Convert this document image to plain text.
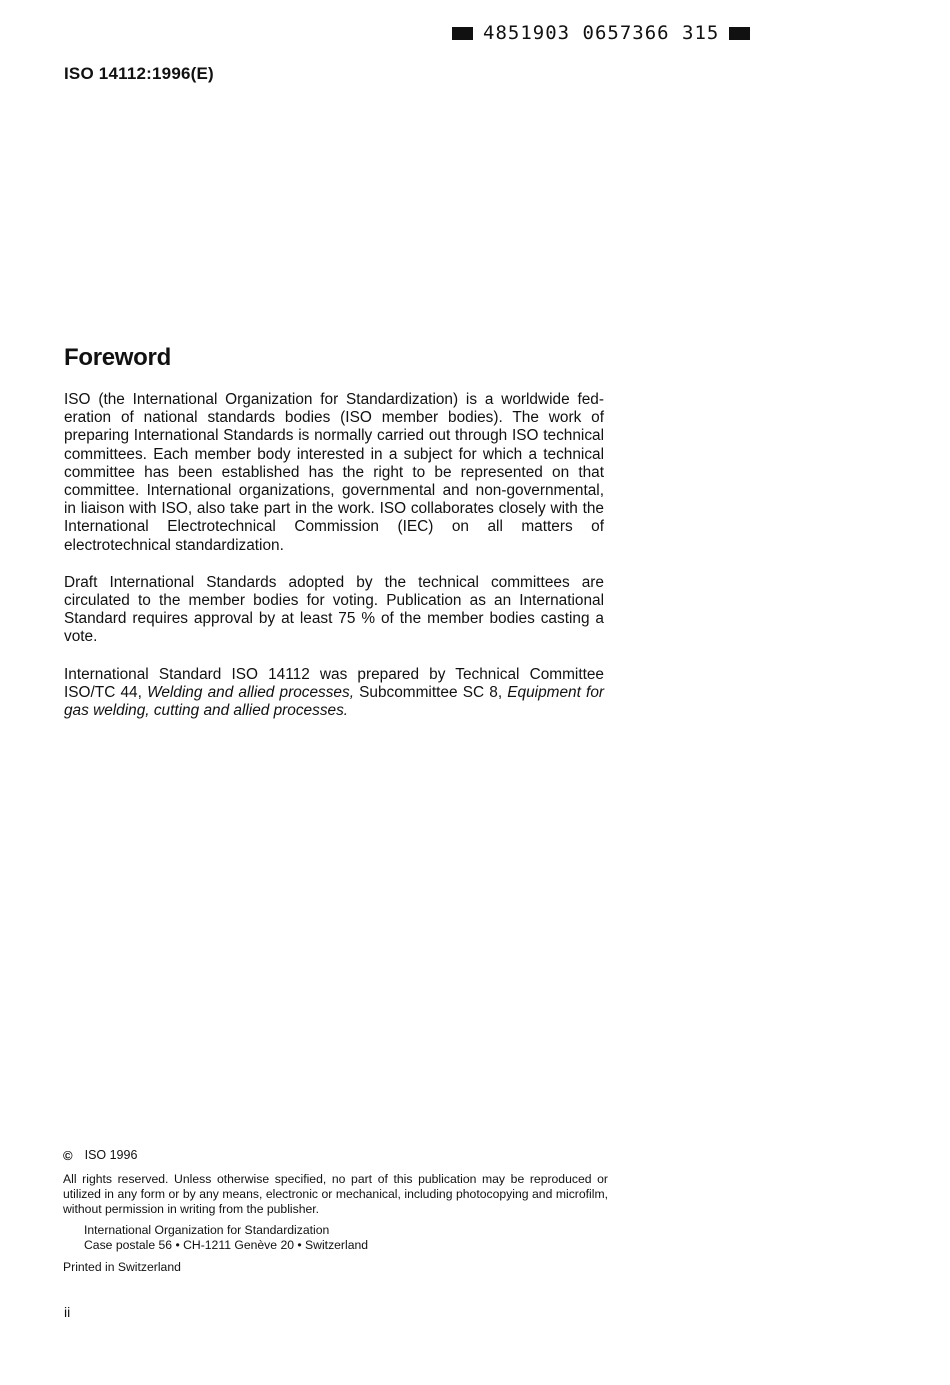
4851903 0657366 315
ISO 14112:1996(E)
Foreword

ISO (the International Organization for Standardization) is a worldwide federation of national standards bodies (ISO member bodies). The work of preparing International Standards is normally carried out through ISO technical committees. Each member body interested in a subject for which a technical committee has been established has the right to be represented on that committee. International organizations, governmental and non-governmental, in liaison with ISO, also take part in the work. ISO collaborates closely with the International Electrotechnical Commission (IEC) on all matters of electrotechnical standardization.

Draft International Standards adopted by the technical committees are circulated to the member bodies for voting. Publication as an International Standard requires approval by at least 75 % of the member bodies casting a vote.

International Standard ISO 14112 was prepared by Technical Committee ISO/TC 44, Welding and allied processes, Subcommittee SC 8, Equipment for gas welding, cutting and allied processes.

© ISO 1996
All rights reserved. Unless otherwise specified, no part of this publication may be reproduced or utilized in any form or by any means, electronic or mechanical, including photocopying and microfilm, without permission in writing from the publisher.
International Organization for Standardization
Case postale 56 • CH-1211 Genève 20 • Switzerland
Printed in Switzerland
ii
